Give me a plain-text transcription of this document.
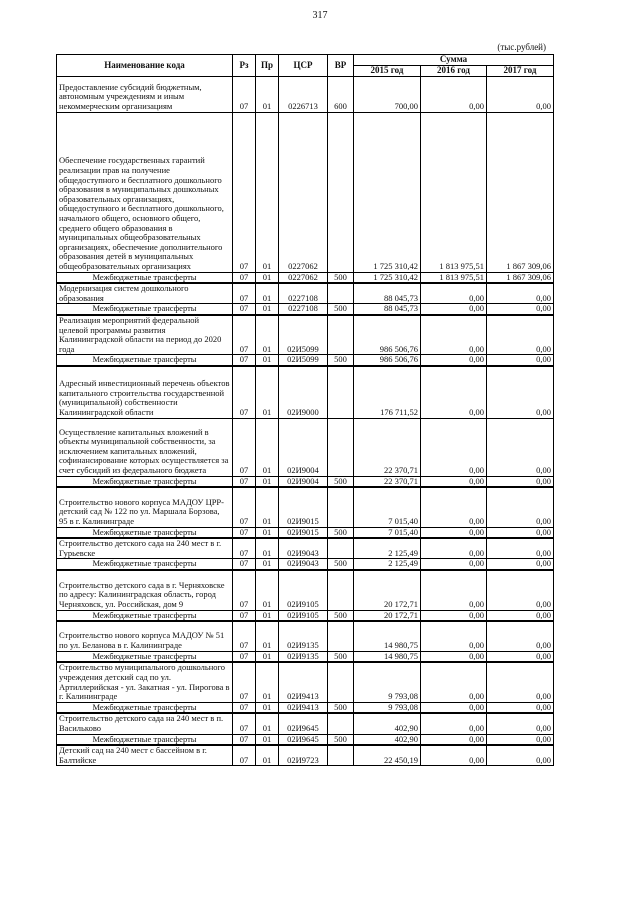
317
(тыс.рублей)
Наименование кода	Рз	Пр	ЦСР	ВР	Сумма		
					2015 год	2016 год	2017 год
Предоставление субсидий бюджетным, автономным учреждениям и иным некоммерческим организациям	07	01	0226713	600	700,00	0,00	0,00
Обеспечение государственных гарантий реализации прав на получение общедоступного и бесплатного дошкольного образования в муниципальных дошкольных образовательных организациях, общедоступного и бесплатного дошкольного, начального общего, основного общего, среднего общего образования в муниципальных общеобразовательных организациях, обеспечение дополнительного образования детей в муниципальных общеобразовательных организациях	07	01	0227062		1 725 310,42	1 813 975,51	1 867 309,06
Межбюджетные трансферты	07	01	0227062	500	1 725 310,42	1 813 975,51	1 867 309,06
Модернизация систем дошкольного образования	07	01	0227108		88 045,73	0,00	0,00
Межбюджетные трансферты	07	01	0227108	500	88 045,73	0,00	0,00
Реализация мероприятий федеральной целевой программы развития Калининградской области на период до 2020 года	07	01	02И5099		986 506,76	0,00	0,00
Межбюджетные трансферты	07	01	02И5099	500	986 506,76	0,00	0,00
Адресный инвестиционный перечень объектов капитального строительства государственной (муниципальной) собственности Калининградской области	07	01	02И9000		176 711,52	0,00	0,00
Осуществление капитальных вложений в объекты муниципальной собственности, за исключением капитальных вложений, софинансирование которых осуществляется за счет субсидий из федерального бюджета	07	01	02И9004		22 370,71	0,00	0,00
Межбюджетные трансферты	07	01	02И9004	500	22 370,71	0,00	0,00
Строительство нового корпуса МАДОУ ЦРР-детский сад № 122 по ул. Маршала Борзова, 95 в г. Калининграде	07	01	02И9015		7 015,40	0,00	0,00
Межбюджетные трансферты	07	01	02И9015	500	7 015,40	0,00	0,00
Строительство детского сада на 240 мест в г. Гурьевске	07	01	02И9043		2 125,49	0,00	0,00
Межбюджетные трансферты	07	01	02И9043	500	2 125,49	0,00	0,00
Строительство детского сада в г. Черняховске по адресу: Калининградская область, город Черняховск, ул. Российская, дом 9	07	01	02И9105		20 172,71	0,00	0,00
Межбюджетные трансферты	07	01	02И9105	500	20 172,71	0,00	0,00
Строительство нового корпуса МАДОУ № 51 по ул. Беланова в г. Калининграде	07	01	02И9135		14 980,75	0,00	0,00
Межбюджетные трансферты	07	01	02И9135	500	14 980,75	0,00	0,00
Строительство муниципального дошкольного учреждения детский сад по ул. Артиллерийская - ул. Закатная - ул. Пирогова в г. Калининграде	07	01	02И9413		9 793,08	0,00	0,00
Межбюджетные трансферты	07	01	02И9413	500	9 793,08	0,00	0,00
Строительство детского сада на 240 мест в п. Васильково	07	01	02И9645		402,90	0,00	0,00
Межбюджетные трансферты	07	01	02И9645	500	402,90	0,00	0,00
Детский сад на 240 мест с бассейном в г. Балтийске	07	01	02И9723		22 450,19	0,00	0,00
